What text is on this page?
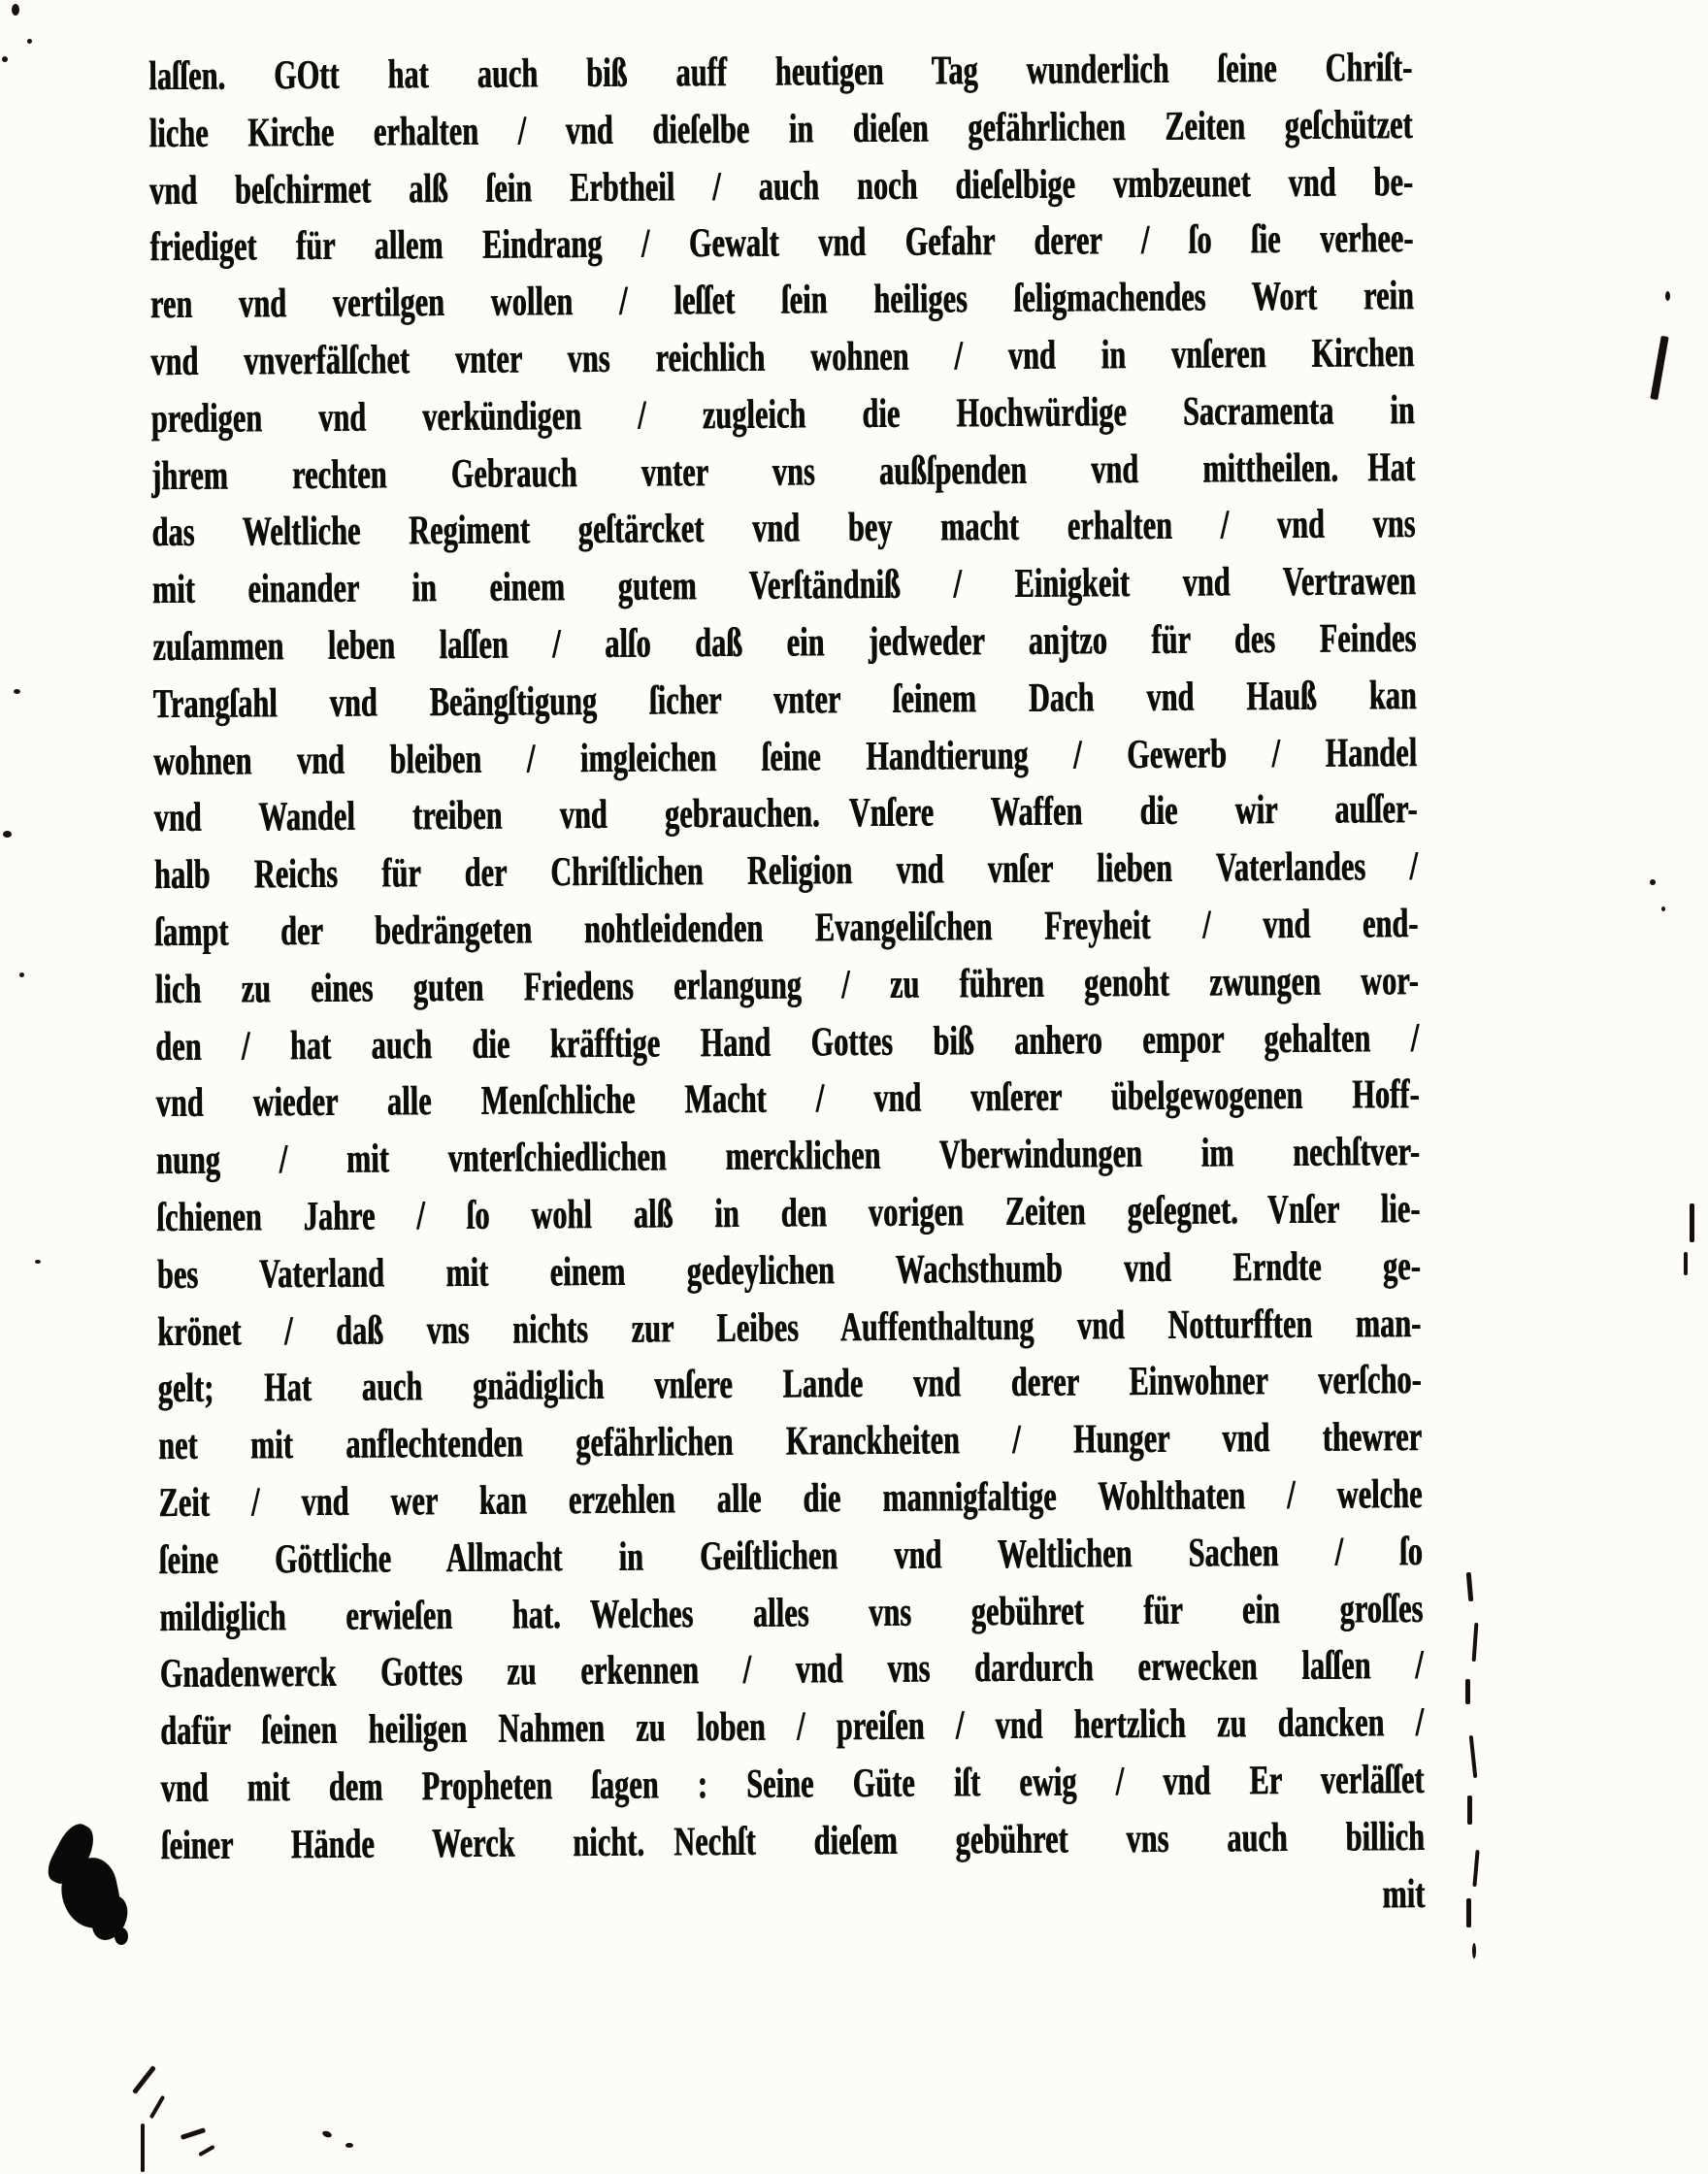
laſſen. GOtt hat auch biß auff heutigen Tag wunderlich ſeine Chriſt-
liche Kirche erhalten / vnd dieſelbe in dieſen gefährlichen Zeiten geſchützet
vnd beſchirmet alß ſein Erbtheil / auch noch dieſelbige vmbzeunet vnd be-
friediget für allem Eindrang / Gewalt vnd Gefahr derer / ſo ſie verhee-
ren vnd vertilgen wollen / leſſet ſein heiliges ſeligmachendes Wort rein
vnd vnverfälſchet vnter vns reichlich wohnen / vnd in vnſeren Kirchen
predigen vnd verkündigen / zugleich die Hochwürdige Sacramenta in
jhrem rechten Gebrauch vnter vns außſpenden vnd mittheilen. Hat
das Weltliche Regiment geſtärcket vnd bey macht erhalten / vnd vns
mit einander in einem gutem Verſtändniß / Einigkeit vnd Vertrawen
zuſammen leben laſſen / alſo daß ein jedweder anjtzo für des Feindes
Trangſahl vnd Beängſtigung ſicher vnter ſeinem Dach vnd Hauß kan
wohnen vnd bleiben / imgleichen ſeine Handtierung / Gewerb / Handel
vnd Wandel treiben vnd gebrauchen. Vnſere Waffen die wir auſſer-
halb Reichs für der Chriſtlichen Religion vnd vnſer lieben Vaterlandes /
ſampt der bedrängeten nohtleidenden Evangeliſchen Freyheit / vnd end-
lich zu eines guten Friedens erlangung / zu führen genoht zwungen wor-
den / hat auch die kräfftige Hand Gottes biß anhero empor gehalten /
vnd wieder alle Menſchliche Macht / vnd vnſerer übelgewogenen Hoff-
nung / mit vnterſchiedlichen mercklichen Vberwindungen im nechſtver-
ſchienen Jahre / ſo wohl alß in den vorigen Zeiten geſegnet. Vnſer lie-
bes Vaterland mit einem gedeylichen Wachsthumb vnd Erndte ge-
krönet / daß vns nichts zur Leibes Auffenthaltung vnd Notturfften man-
gelt; Hat auch gnädiglich vnſere Lande vnd derer Einwohner verſcho-
net mit anflechtenden gefährlichen Kranckheiten / Hunger vnd thewrer
Zeit / vnd wer kan erzehlen alle die mannigfaltige Wohlthaten / welche
ſeine Göttliche Allmacht in Geiſtlichen vnd Weltlichen Sachen / ſo
mildiglich erwieſen hat. Welches alles vns gebühret für ein groſſes
Gnadenwerck Gottes zu erkennen / vnd vns dardurch erwecken laſſen /
dafür ſeinen heiligen Nahmen zu loben / preiſen / vnd hertzlich zu dancken /
vnd mit dem Propheten ſagen : Seine Güte iſt ewig / vnd Er verläſſet
ſeiner Hände Werck nicht. Nechſt dieſem gebühret vns auch billich
mit
